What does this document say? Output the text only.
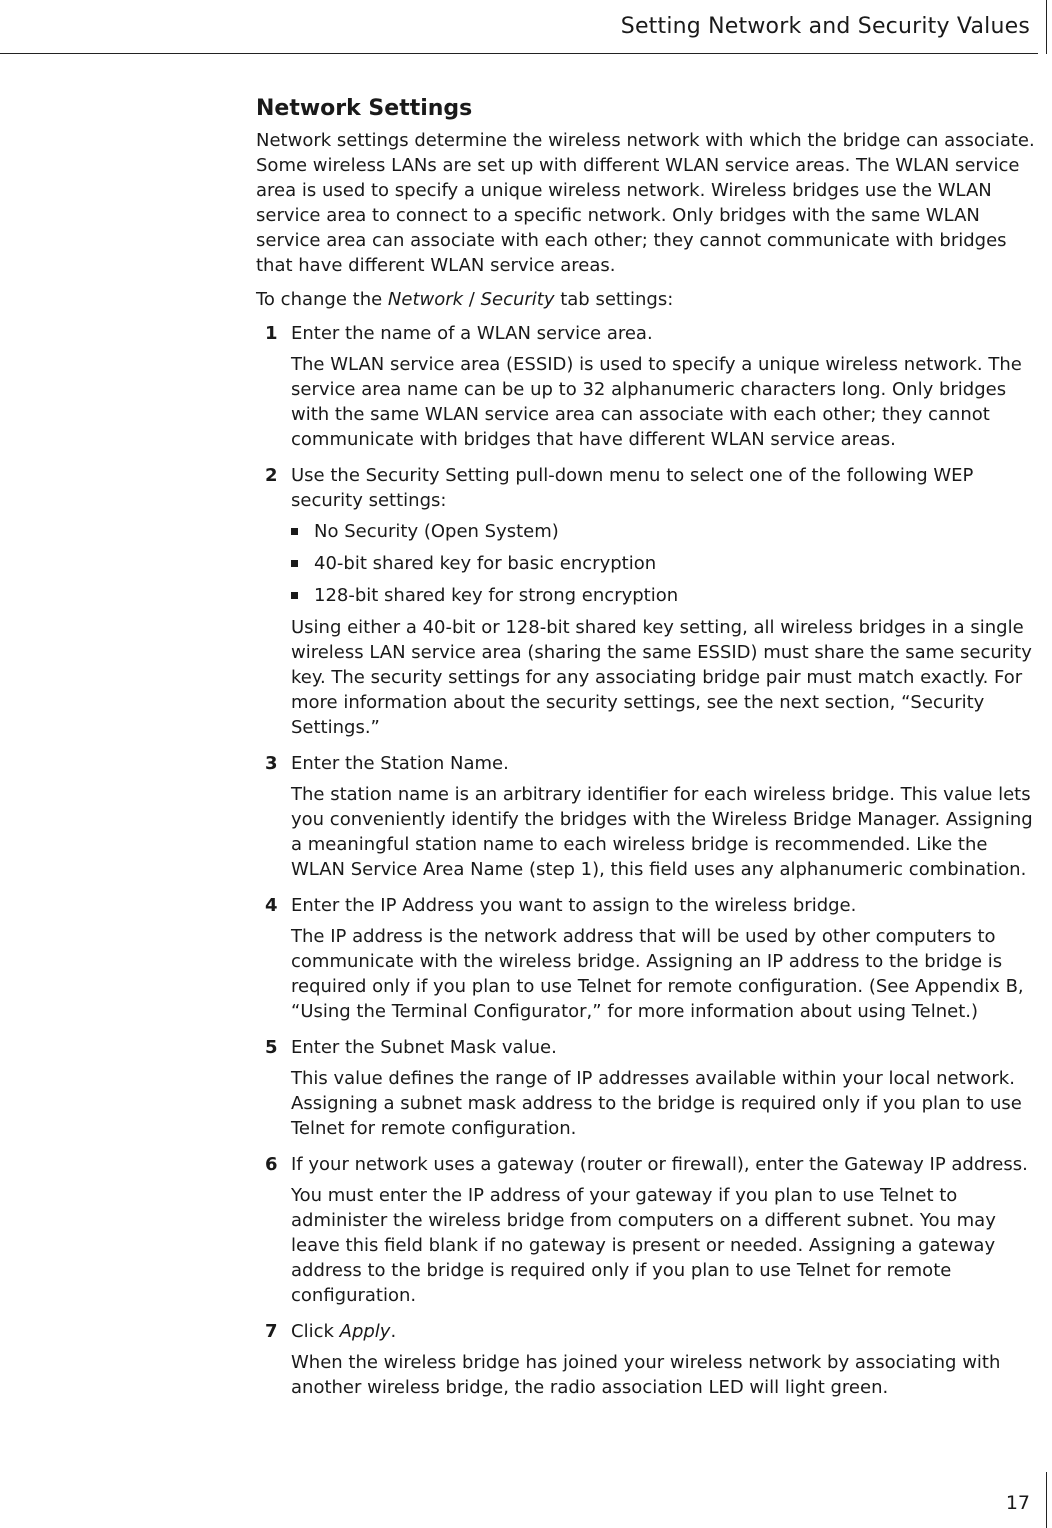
Setting Network and Security Values
Network Settings

Network settings determine the wireless network with which the bridge can associate. Some wireless LANs are set up with different WLAN service areas. The WLAN service area is used to specify a unique wireless network. Wireless bridges use the WLAN service area to connect to a specific network. Only bridges with the same WLAN service area can associate with each other; they cannot communicate with bridges that have different WLAN service areas.

To change the Network / Security tab settings:

1 Enter the name of a WLAN service area.

The WLAN service area (ESSID) is used to specify a unique wireless network. The service area name can be up to 32 alphanumeric characters long. Only bridges with the same WLAN service area can associate with each other; they cannot communicate with bridges that have different WLAN service areas.

2 Use the Security Setting pull-down menu to select one of the following WEP security settings:

No Security (Open System)
40-bit shared key for basic encryption
128-bit shared key for strong encryption

Using either a 40-bit or 128-bit shared key setting, all wireless bridges in a single wireless LAN service area (sharing the same ESSID) must share the same security key. The security settings for any associating bridge pair must match exactly. For more information about the security settings, see the next section, “Security Settings.”

3 Enter the Station Name.

The station name is an arbitrary identifier for each wireless bridge. This value lets you conveniently identify the bridges with the Wireless Bridge Manager. Assigning a meaningful station name to each wireless bridge is recommended. Like the WLAN Service Area Name (step 1), this field uses any alphanumeric combination.

4 Enter the IP Address you want to assign to the wireless bridge.

The IP address is the network address that will be used by other computers to communicate with the wireless bridge. Assigning an IP address to the bridge is required only if you plan to use Telnet for remote configuration. (See Appendix B, “Using the Terminal Configurator,” for more information about using Telnet.)

5 Enter the Subnet Mask value.

This value defines the range of IP addresses available within your local network. Assigning a subnet mask address to the bridge is required only if you plan to use Telnet for remote configuration.

6 If your network uses a gateway (router or firewall), enter the Gateway IP address.

You must enter the IP address of your gateway if you plan to use Telnet to administer the wireless bridge from computers on a different subnet. You may leave this field blank if no gateway is present or needed. Assigning a gateway address to the bridge is required only if you plan to use Telnet for remote configuration.

7 Click Apply.

When the wireless bridge has joined your wireless network by associating with another wireless bridge, the radio association LED will light green.

17
